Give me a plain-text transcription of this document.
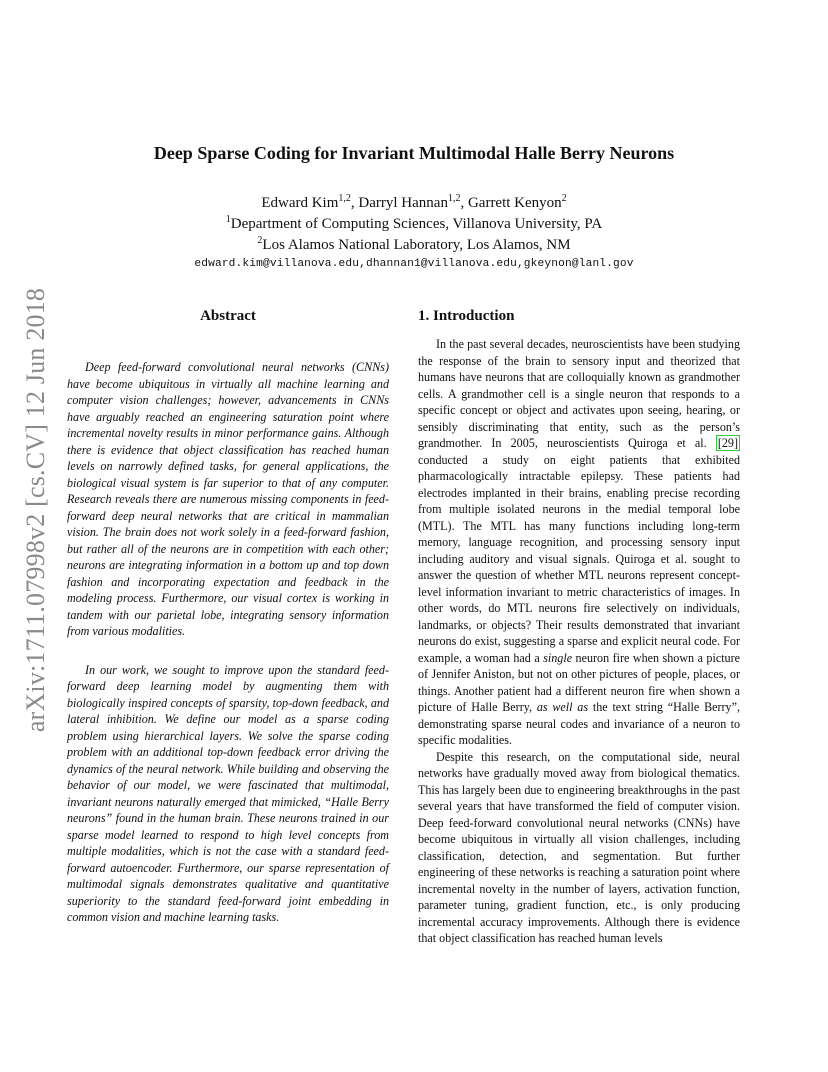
arXiv:1711.07998v2 [cs.CV] 12 Jun 2018
Deep Sparse Coding for Invariant Multimodal Halle Berry Neurons
Edward Kim$^{1,2}$, Darryl Hannan$^{1,2}$, Garrett Kenyon$^2$
$^1$Department of Computing Sciences, Villanova University, PA
$^2$Los Alamos National Laboratory, Los Alamos, NM
edward.kim@villanova.edu,dhannan1@villanova.edu,gkeynon@lanl.gov
Abstract

Deep feed-forward convolutional neural networks (CNNs) have become ubiquitous in virtually all machine learning and computer vision challenges; however, advancements in CNNs have arguably reached an engineering saturation point where incremental novelty results in minor performance gains. Although there is evidence that object classification has reached human levels on narrowly defined tasks, for general applications, the biological visual system is far superior to that of any computer. Research reveals there are numerous missing components in feed-forward deep neural networks that are critical in mammalian vision. The brain does not work solely in a feed-forward fashion, but rather all of the neurons are in competition with each other; neurons are integrating information in a bottom up and top down fashion and incorporating expectation and feedback in the modeling process. Furthermore, our visual cortex is working in tandem with our parietal lobe, integrating sensory information from various modalities.

In our work, we sought to improve upon the standard feed-forward deep learning model by augmenting them with biologically inspired concepts of sparsity, top-down feedback, and lateral inhibition. We define our model as a sparse coding problem using hierarchical layers. We solve the sparse coding problem with an additional top-down feedback error driving the dynamics of the neural network. While building and observing the behavior of our model, we were fascinated that multimodal, invariant neurons naturally emerged that mimicked, “Halle Berry neurons” found in the human brain. These neurons trained in our sparse model learned to respond to high level concepts from multiple modalities, which is not the case with a standard feed-forward autoencoder. Furthermore, our sparse representation of multimodal signals demonstrates qualitative and quantitative superiority to the standard feed-forward joint embedding in common vision and machine learning tasks.

1. Introduction

In the past several decades, neuroscientists have been studying the response of the brain to sensory input and theorized that humans have neurons that are colloquially known as grandmother cells. A grandmother cell is a single neuron that responds to a specific concept or object and activates upon seeing, hearing, or sensibly discriminating that entity, such as the person’s grandmother. In 2005, neuroscientists Quiroga et al. [29] conducted a study on eight patients that exhibited pharmacologically intractable epilepsy. These patients had electrodes implanted in their brains, enabling precise recording from multiple isolated neurons in the medial temporal lobe (MTL). The MTL has many functions including long-term memory, language recognition, and processing sensory input including auditory and visual signals. Quiroga et al. sought to answer the question of whether MTL neurons represent concept-level information invariant to metric characteristics of images. In other words, do MTL neurons fire selectively on individuals, landmarks, or objects? Their results demonstrated that invariant neurons do exist, suggesting a sparse and explicit neural code. For example, a woman had a single neuron fire when shown a picture of Jennifer Aniston, but not on other pictures of people, places, or things. Another patient had a different neuron fire when shown a picture of Halle Berry, as well as the text string “Halle Berry”, demonstrating sparse neural codes and invariance of a neuron to specific modalities.

Despite this research, on the computational side, neural networks have gradually moved away from biological thematics. This has largely been due to engineering breakthroughs in the past several years that have transformed the field of computer vision. Deep feed-forward convolutional neural networks (CNNs) have become ubiquitous in virtually all vision challenges, including classification, detection, and segmentation. But further engineering of these networks is reaching a saturation point where incremental novelty in the number of layers, activation function, parameter tuning, gradient function, etc., is only producing incremental accuracy improvements. Although there is evidence that object classification has reached human levels
